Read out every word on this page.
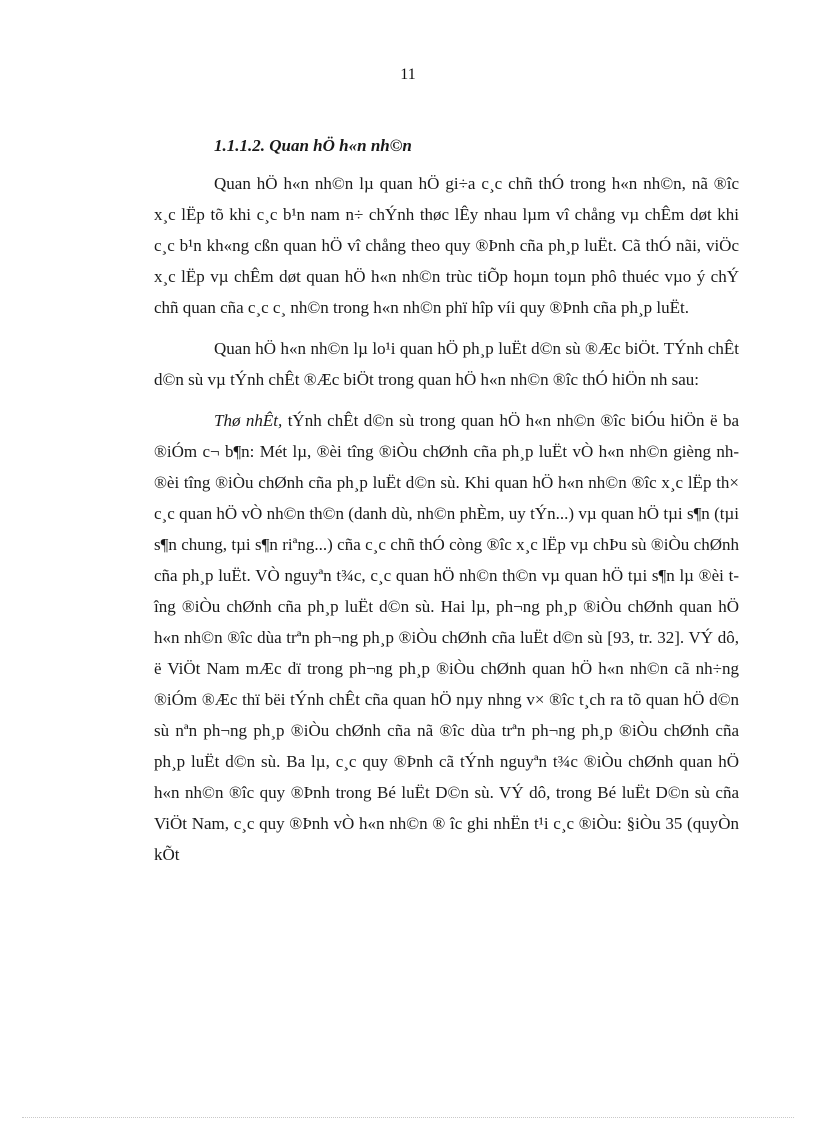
11
1.1.1.2. Quan hÖ h«n nh©n

Quan hÖ h«n nh©n lµ quan hÖ gi÷a c¸c chñ thÓ trong h«n nh©n, nã ®îc x¸c lËp tõ khi c¸c b¹n nam n÷ chÝnh thøc lÊy nhau lµm vî chång vµ chÊm døt khi c¸c b¹n kh«ng cßn quan hÖ vî chång theo quy ®Þnh cña ph¸p luËt. Cã thÓ nãi, viÖc x¸c lËp vµ chÊm døt quan hÖ h«n nh©n trùc tiÕp hoµn toµn phô thuéc vµo ý chÝ chñ quan cña c¸c c¸ nh©n trong h«n nh©n phï hîp víi quy ®Þnh cña ph¸p luËt.

Quan hÖ h«n nh©n lµ lo¹i quan hÖ ph¸p luËt d©n sù ®Æc biÖt. TÝnh chÊt d©n sù vµ tÝnh chÊt ®Æc biÖt trong quan hÖ h«n nh©n ®îc thÓ hiÖn nh sau:

Thø nhÊt, tÝnh chÊt d©n sù trong quan hÖ h«n nh©n ®îc biÓu hiÖn ë ba ®iÓm c¬ b¶n: Mét lµ, ®èi tîng ®iÒu chØnh cña ph¸p luËt vÒ h«n nh©n gièng nh ®èi tîng ®iÒu chØnh cña ph¸p luËt d©n sù. Khi quan hÖ h«n nh©n ®îc x¸c lËp th× c¸c quan hÖ vÒ nh©n th©n (danh dù, nh©n phÈm, uy tÝn...) vµ quan hÖ tµi s¶n (tµi s¶n chung, tµi s¶n riªng...) cña c¸c chñ thÓ còng ®îc x¸c lËp vµ chÞu sù ®iÒu chØnh cña ph¸p luËt. VÒ nguyªn t¾c, c¸c quan hÖ nh©n th©n vµ quan hÖ tµi s¶n lµ ®èi tîng ®iÒu chØnh cña ph¸p luËt d©n sù. Hai lµ, ph¬ng ph¸p ®iÒu chØnh quan hÖ h«n nh©n ®îc dùa trªn ph¬ng ph¸p ®iÒu chØnh cña luËt d©n sù [93, tr. 32]. VÝ dô, ë ViÖt Nam mÆc dï trong ph¬ng ph¸p ®iÒu chØnh quan hÖ h«n nh©n cã nh÷ng ®iÓm ®Æc thï bëi tÝnh chÊt cña quan hÖ nµy nhng v× ®îc t¸ch ra tõ quan hÖ d©n sù nªn ph¬ng ph¸p ®iÒu chØnh cña nã ®îc dùa trªn ph¬ng ph¸p ®iÒu chØnh cña ph¸p luËt d©n sù. Ba lµ, c¸c quy ®Þnh cã tÝnh nguyªn t¾c ®iÒu chØnh quan hÖ h«n nh©n ®îc quy ®Þnh trong Bé luËt D©n sù. VÝ dô, trong Bé luËt D©n sù cña ViÖt Nam, c¸c quy ®Þnh vÒ h«n nh©n ® îc ghi nhËn t¹i c¸c ®iÒu: §iÒu 35 (quyÒn kÕt
